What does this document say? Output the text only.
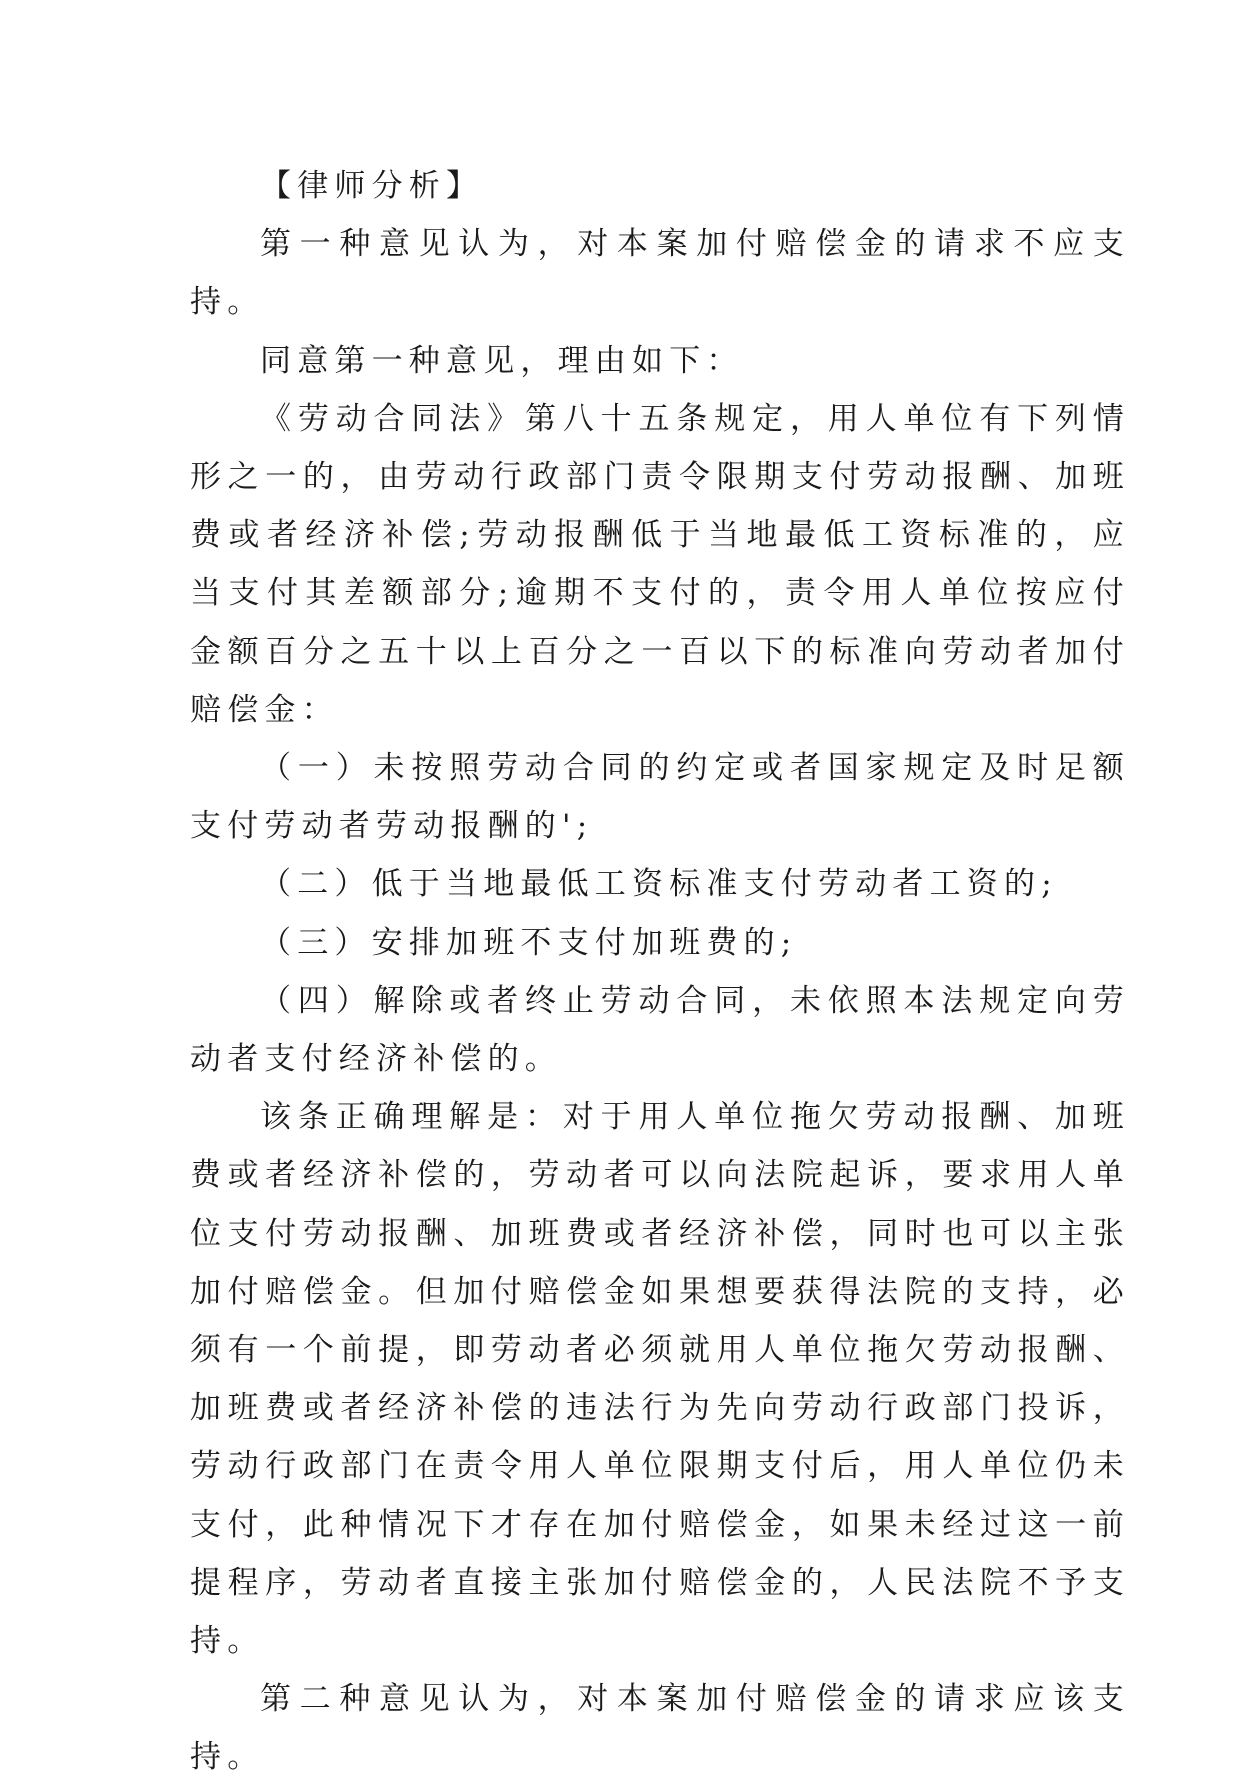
【律师分析】

第一种意见认为，对本案加付赔偿金的请求不应支持。

同意第一种意见，理由如下：

《劳动合同法》第八十五条规定，用人单位有下列情形之一的，由劳动行政部门责令限期支付劳动报酬、加班费或者经济补偿;劳动报酬低于当地最低工资标准的，应当支付其差额部分;逾期不支付的，责令用人单位按应付金额百分之五十以上百分之一百以下的标准向劳动者加付赔偿金：

（一）未按照劳动合同的约定或者国家规定及时足额支付劳动者劳动报酬的';

（二）低于当地最低工资标准支付劳动者工资的;

（三）安排加班不支付加班费的;

（四）解除或者终止劳动合同，未依照本法规定向劳动者支付经济补偿的。

该条正确理解是：对于用人单位拖欠劳动报酬、加班费或者经济补偿的，劳动者可以向法院起诉，要求用人单位支付劳动报酬、加班费或者经济补偿，同时也可以主张加付赔偿金。但加付赔偿金如果想要获得法院的支持，必须有一个前提，即劳动者必须就用人单位拖欠劳动报酬、加班费或者经济补偿的违法行为先向劳动行政部门投诉，劳动行政部门在责令用人单位限期支付后，用人单位仍未支付，此种情况下才存在加付赔偿金，如果未经过这一前提程序，劳动者直接主张加付赔偿金的，人民法院不予支持。

第二种意见认为，对本案加付赔偿金的请求应该支持。
